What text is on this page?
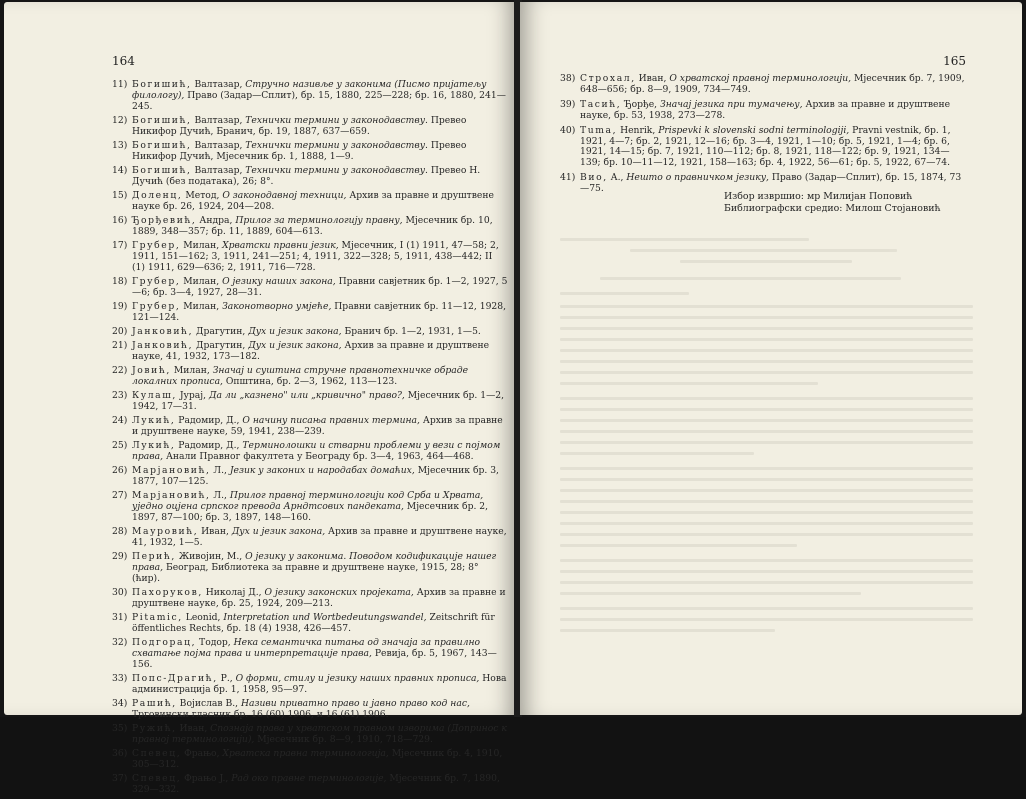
164
11) Богишић, Валтазар, Стручно називље у законима (Писмо пријатељу филологу), Право (Задар—Сплит), бр. 15, 1880, 225—228; бр. 16, 1880, 241—245.
12) Богишић, Валтазар, Технички термини у законодавству. Превео Никифор Дучић, Бранич, бр. 19, 1887, 637—659.
13) Богишић, Валтазар, Технички термини у законодавству. Превео Никифор Дучић, Мјесечник бр. 1, 1888, 1—9.
14) Богишић, Валтазар, Технички термини у законодавству. Превео Н. Дучић (без података), 26; 8°.
15) Доленц, Метод, О законодавној техници, Архив за правне и друштвене науке бр. 26, 1924, 204—208.
16) Ђорђевић, Андра, Прилог за терминологију правну, Мјесечник бр. 10, 1889, 348—357; бр. 11, 1889, 604—613.
17) Грубер, Милан, Хрватски правни језик, Мјесечник, I (1) 1911, 47—58; 2, 1911, 151—162; 3, 1911, 241—251; 4, 1911, 322—328; 5, 1911, 438—442; II (1) 1911, 629—636; 2, 1911, 716—728.
18) Грубер, Милан, О језику наших закона, Правни савјетник бр. 1—2, 1927, 5—6; бр. 3—4, 1927, 28—31.
19) Грубер, Милан, Законотворно умјеће, Правни савјетник бр. 11—12, 1928, 121—124.
20) Јанковић, Драгутин, Дух и језик закона, Бранич бр. 1—2, 1931, 1—5.
21) Јанковић, Драгутин, Дух и језик закона, Архив за правне и друштвене науке, 41, 1932, 173—182.
22) Јовић, Милан, Значај и суштина стручне правнотехничке обраде локалних прописа, Општина, бр. 2—3, 1962, 113—123.
23) Кулаш, Јурај, Да ли „казнено" или „кривично" право?, Мјесечник бр. 1—2, 1942, 17—31.
24) Лукић, Радомир, Д., О начину писања правних термина, Архив за правне и друштвене науке, 59, 1941, 238—239.
25) Лукић, Радомир, Д., Терминолошки и стварни проблеми у вези с појмом права, Анали Правног факултета у Београду бр. 3—4, 1963, 464—468.
26) Марјановић, Л., Језик у законих и народабах домаћих, Мјесечник бр. 3, 1877, 107—125.
27) Марјановић, Л., Прилог правној терминологији код Срба и Хрвата, уједно оцјена српског превода Арндтсових пандеката, Мјесечник бр. 2, 1897, 87—100; бр. 3, 1897, 148—160.
28) Мауровић, Иван, Дух и језик закона, Архив за правне и друштвене науке, 41, 1932, 1—5.
29) Перић, Живојин, М., О језику у законима. Поводом кодификације нашег права, Београд, Библиотека за правне и друштвене науке, 1915, 28; 8° (ћир).
30) Пахоруков, Николај Д., О језику законских пројеката, Архив за правне и друштвене науке, бр. 25, 1924, 209—213.
31) Pitamic, Leonid, Interpretation und Wortbedeutungswandel, Zeitschrift für öffentliches Rechts, бр. 18 (4) 1938, 426—457.
32) Подгорац, Тодор, Нека семантичка питања од значаја за правилно схватање појма права и интерпретације права, Ревија, бр. 5, 1967, 143—156.
33) Попс-Драгић, Р., О форми, стилу и језику наших правних прописа, Нова администрација бр. 1, 1958, 95—97.
34) Рашић, Војислав В., Називи приватно право и јавно право код нас, Трговински гласник бр. 16 (60) 1906, и 16 (61) 1906.
35) Ружић, Иван, Спознаја права у хрватском правном изворима (Допринос к правној терминологији), Мјесечник бр. 8—9, 1910, 718—729.
36) Спевец, Фрањо, Хрватска правна терминологија, Мјесечник бр. 4, 1910, 305—312.
37) Спевец, Фрањо J., Рад око правне терминологије, Мјесечник бр. 7, 1890, 329—332.
165
38) Строхал, Иван, О хрватској правној терминологији, Мјесечник бр. 7, 1909, 648—656; бр. 8—9, 1909, 734—749.
39) Тасић, Ђорђе, Значај језика при тумачењу, Архив за правне и друштвене науке, бр. 53, 1938, 273—278.
40) Tuma, Henrik, Prispevki k slovenski sodni terminologiji, Pravni vestnik, бр. 1, 1921, 4—7; бр. 2, 1921, 12—16; бр. 3—4, 1921, 1—10; бр. 5, 1921, 1—4; бр. 6, 1921, 14—15; бр. 7, 1921, 110—112; бр. 8, 1921, 118—122; бр. 9, 1921, 134—139; бр. 10—11—12, 1921, 158—163; бр. 4, 1922, 56—61; бр. 5, 1922, 67—74.
41) Вио, А., Нешто о правничком језику, Право (Задар—Сплит), бр. 15, 1874, 73—75.
Избор извршио: мр Милијан Поповић
Библиографски средио: Милош Стојановић
